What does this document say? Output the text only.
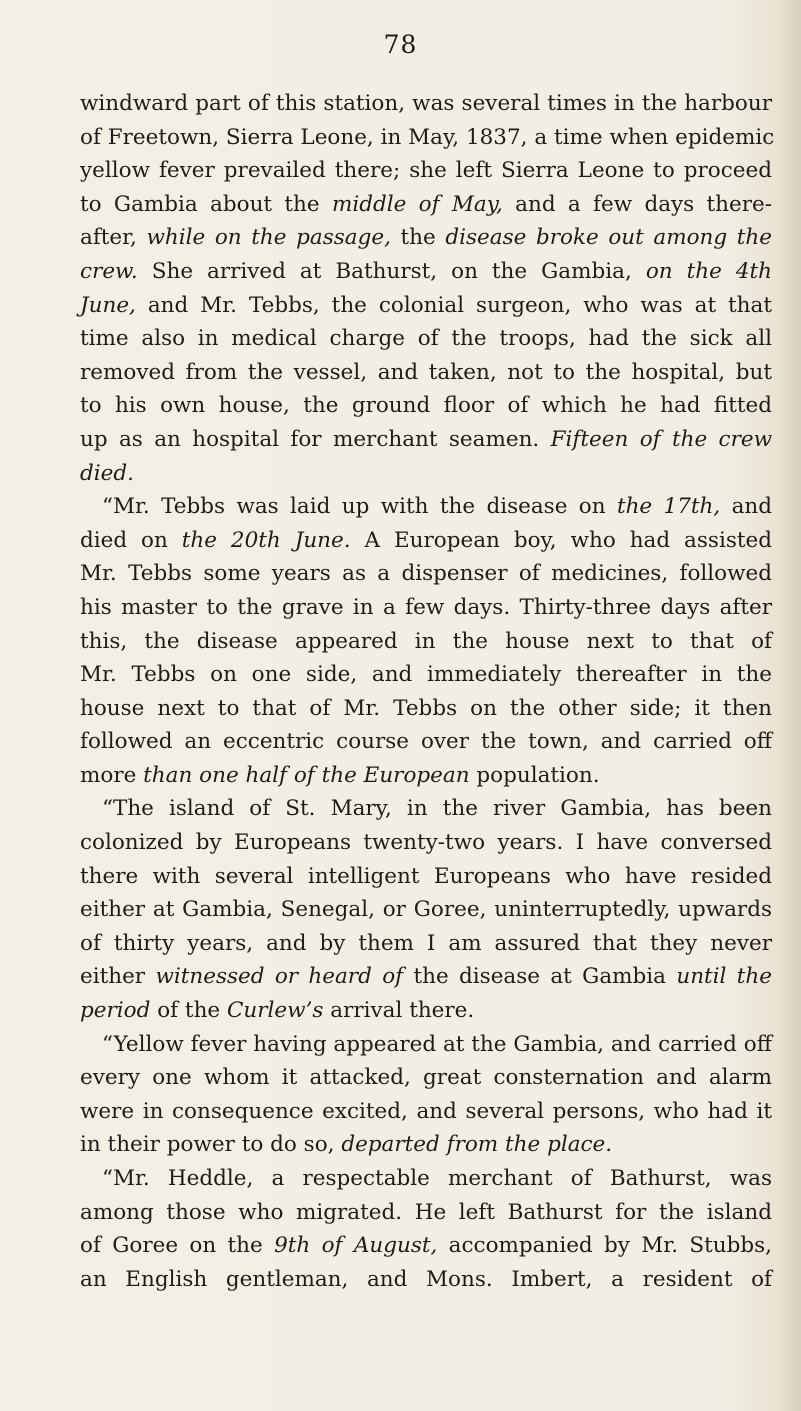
78
windward part of this station, was several times in the harbour
of Freetown, Sierra Leone, in May, 1837, a time when epidemic
yellow fever prevailed there; she left Sierra Leone to proceed
to Gambia about the middle of May, and a few days there-
after, while on the passage, the disease broke out among the
crew. She arrived at Bathurst, on the Gambia, on the 4th
June, and Mr. Tebbs, the colonial surgeon, who was at that
time also in medical charge of the troops, had the sick all
removed from the vessel, and taken, not to the hospital, but
to his own house, the ground floor of which he had fitted
up as an hospital for merchant seamen. Fifteen of the crew
died.
“Mr. Tebbs was laid up with the disease on the 17th, and
died on the 20th June. A European boy, who had assisted
Mr. Tebbs some years as a dispenser of medicines, followed
his master to the grave in a few days. Thirty-three days after
this, the disease appeared in the house next to that of
Mr. Tebbs on one side, and immediately thereafter in the
house next to that of Mr. Tebbs on the other side; it then
followed an eccentric course over the town, and carried off
more than one half of the European population.
“The island of St. Mary, in the river Gambia, has been
colonized by Europeans twenty-two years. I have conversed
there with several intelligent Europeans who have resided
either at Gambia, Senegal, or Goree, uninterruptedly, upwards
of thirty years, and by them I am assured that they never
either witnessed or heard of the disease at Gambia until the
period of the Curlew’s arrival there.
“Yellow fever having appeared at the Gambia, and carried off
every one whom it attacked, great consternation and alarm
were in consequence excited, and several persons, who had it
in their power to do so, departed from the place.
“Mr. Heddle, a respectable merchant of Bathurst, was
among those who migrated. He left Bathurst for the island
of Goree on the 9th of August, accompanied by Mr. Stubbs,
an English gentleman, and Mons. Imbert, a resident of
